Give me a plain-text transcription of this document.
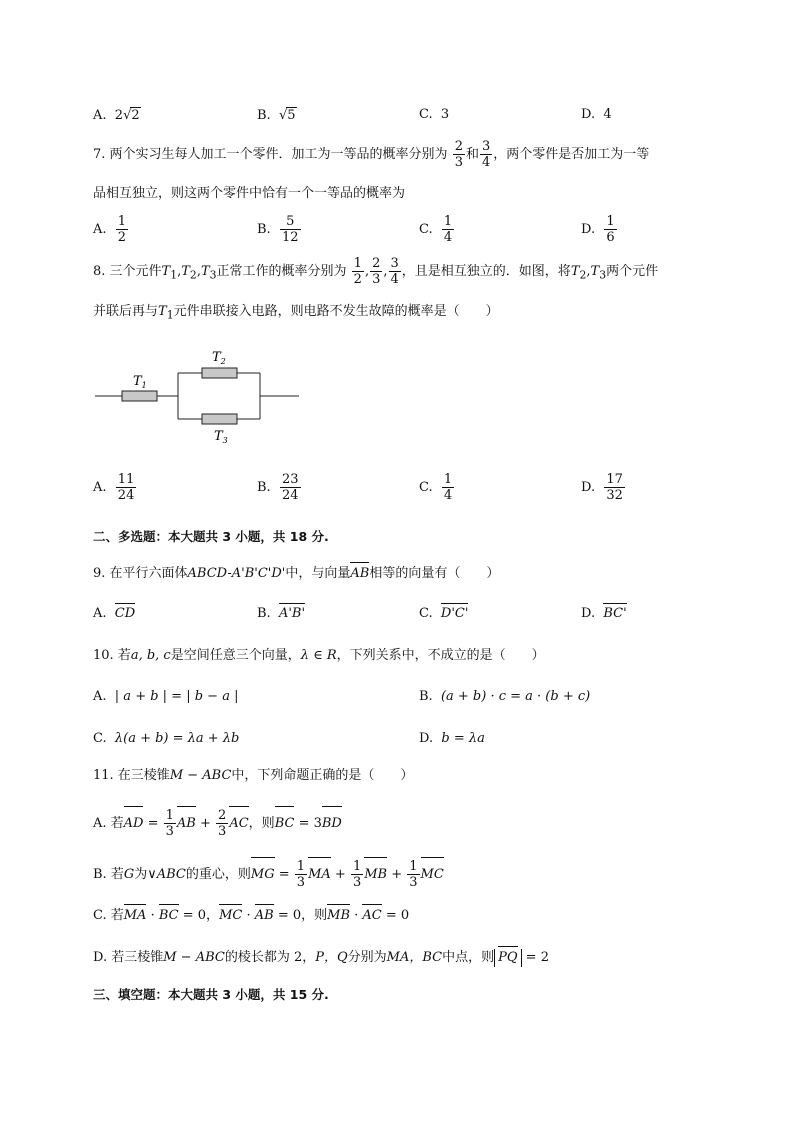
A. 2√2	B.  √5	C. 3	D. 4
7. 两个实习生每人加工一个零件．加工为一等品的概率分别为 $\frac{2}{3}$ 和 $\frac{3}{4}$ ，两个零件是否加工为一等
品相互独立，则这两个零件中恰有一个一等品的概率为
A. $\frac{1}{2}$	B. $\frac{5}{12}$	C. $\frac{1}{4}$	D. $\frac{1}{6}$
8. 三个元件$T_1,T_2,T_3$正常工作的概率分别为 $\frac{1}{2}$ , $\frac{2}{3}$ , $\frac{3}{4}$ ，且是相互独立的．如图，将$T_2,T_3$两个元件
并联后再与$T_1$元件串联接入电路，则电路不发生故障的概率是（　　）
$T_1$
$T_2$
$T_3$
A. $\frac{11}{24}$	B. $\frac{23}{24}$	C. $\frac{1}{4}$	D. $\frac{17}{32}$
二、多选题：本大题共 3 小题，共 18 分.
9. 在平行六面体ABCD-A'B'C'D'中，与向量AB相等的向量有（　　）
A. CD	B. A'B'	C. D'C'	D. BC'
10. 若a, b, c是空间任意三个向量，λ ∈ R，下列关系中，不成立的是（　　）
A. | a + b | = | b − a |	B. (a + b) · c = a · (b + c)
C. λ(a + b) = λa + λb	D. b = λa
11. 在三棱锥M − ABC中，下列命题正确的是（　　）
A. 若AD = $\frac{1}{3}$ AB + $\frac{2}{3}$ AC，则BC = 3BD
B. 若G为∨ABC的重心，则MG = $\frac{1}{3}$ MA + $\frac{1}{3}$ MB + $\frac{1}{3}$ MC
C. 若MA · BC = 0，MC · AB = 0，则MB · AC = 0
D. 若三棱锥M − ABC的棱长都为 2，P，Q分别为MA，BC中点，则 PQ = 2
三、填空题：本大题共 3 小题，共 15 分.
